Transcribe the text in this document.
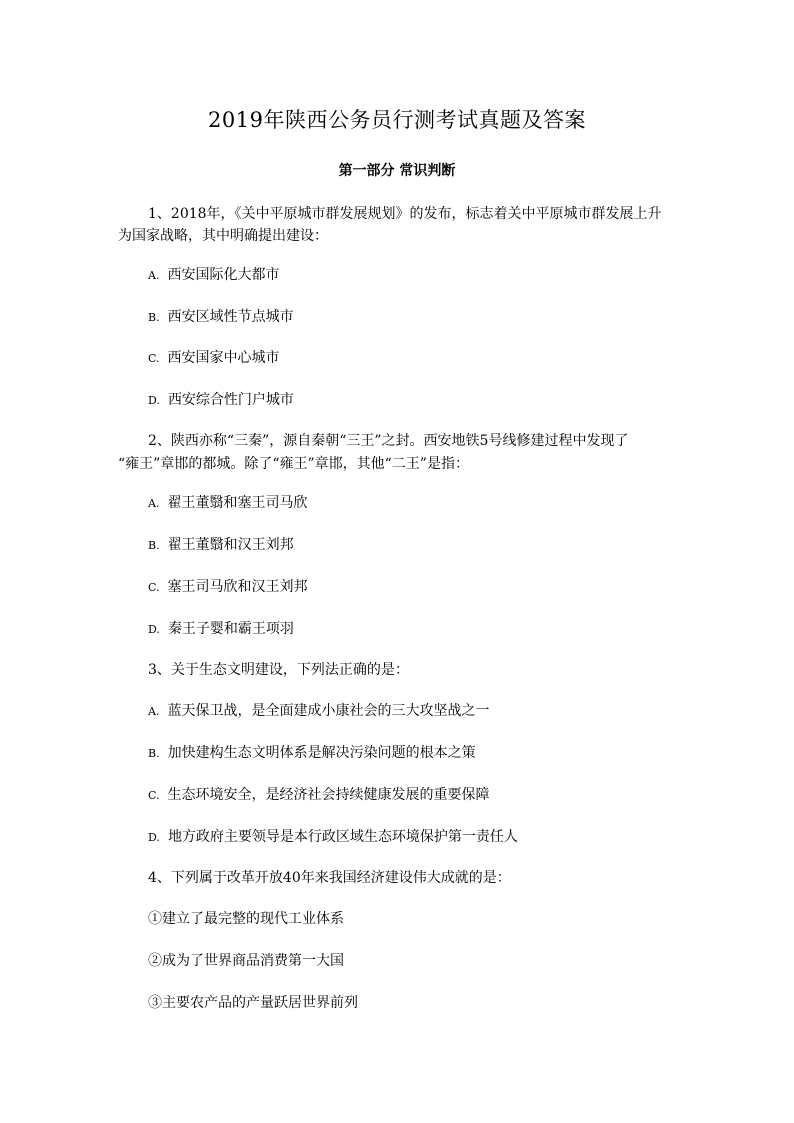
2019年陕西公务员行测考试真题及答案
第一部分 常识判断
1、2018年，《关中平原城市群发展规划》的发布，标志着关中平原城市群发展上升
为国家战略，其中明确提出建设：
A. 西安国际化大都市
B. 西安区域性节点城市
C. 西安国家中心城市
D. 西安综合性门户城市
2、陕西亦称“三秦”，源自秦朝“三王”之封。西安地铁5号线修建过程中发现了
“雍王”章邯的都城。除了“雍王”章邯，其他“二王”是指：
A. 翟王董翳和塞王司马欣
B. 翟王董翳和汉王刘邦
C. 塞王司马欣和汉王刘邦
D. 秦王子婴和霸王项羽
3、关于生态文明建设，下列法正确的是：
A. 蓝天保卫战，是全面建成小康社会的三大攻坚战之一
B. 加快建构生态文明体系是解决污染问题的根本之策
C. 生态环境安全，是经济社会持续健康发展的重要保障
D. 地方政府主要领导是本行政区域生态环境保护第一责任人
4、下列属于改革开放40年来我国经济建设伟大成就的是：
①建立了最完整的现代工业体系
②成为了世界商品消费第一大国
③主要农产品的产量跃居世界前列
